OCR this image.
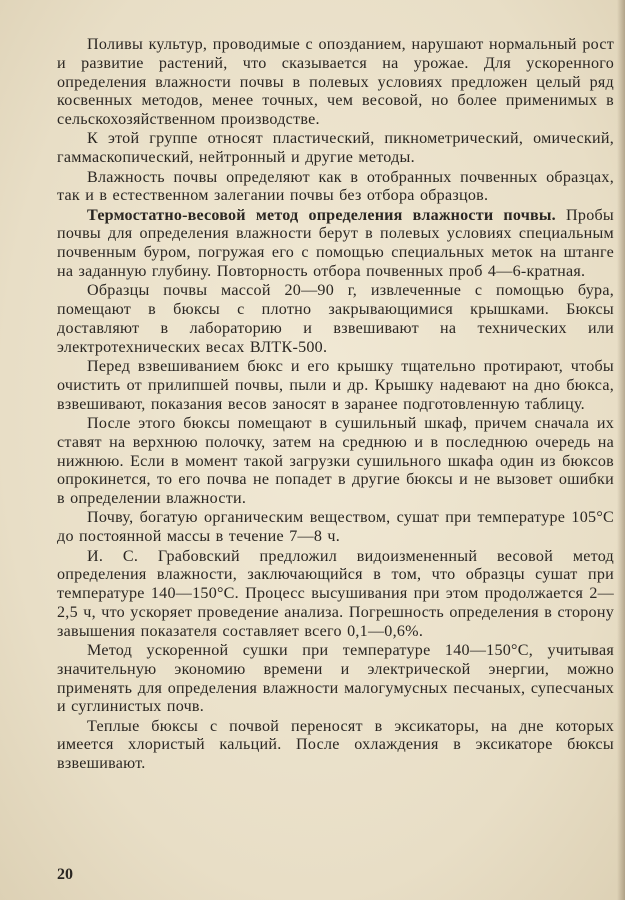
Поливы культур, проводимые с опозданием, нарушают нормальный рост и развитие растений, что сказывается на урожае. Для ускоренного определения влажности почвы в полевых условиях предложен целый ряд косвенных методов, менее точных, чем весовой, но более применимых в сельскохозяйственном производстве.

К этой группе относят пластический, пикнометрический, омический, гаммаскопический, нейтронный и другие методы.

Влажность почвы определяют как в отобранных почвенных образцах, так и в естественном залегании почвы без отбора образцов.

Термостатно-весовой метод определения влажности почвы. Пробы почвы для определения влажности берут в полевых условиях специальным почвенным буром, погружая его с помощью специальных меток на штанге на заданную глубину. Повторность отбора почвенных проб 4—6-кратная.

Образцы почвы массой 20—90 г, извлеченные с помощью бура, помещают в бюксы с плотно закрывающимися крышками. Бюксы доставляют в лабораторию и взвешивают на технических или электротехнических весах ВЛТК-500.

Перед взвешиванием бюкс и его крышку тщательно протирают, чтобы очистить от прилипшей почвы, пыли и др. Крышку надевают на дно бюкса, взвешивают, показания весов заносят в заранее подготовленную таблицу.

После этого бюксы помещают в сушильный шкаф, причем сначала их ставят на верхнюю полочку, затем на среднюю и в последнюю очередь на нижнюю. Если в момент такой загрузки сушильного шкафа один из бюксов опрокинется, то его почва не попадет в другие бюксы и не вызовет ошибки в определении влажности.

Почву, богатую органическим веществом, сушат при температуре 105°С до постоянной массы в течение 7—8 ч.

И. С. Грабовский предложил видоизмененный весовой метод определения влажности, заключающийся в том, что образцы сушат при температуре 140—150°С. Процесс высушивания при этом продолжается 2—2,5 ч, что ускоряет проведение анализа. Погрешность определения в сторону завышения показателя составляет всего 0,1—0,6%.

Метод ускоренной сушки при температуре 140—150°С, учитывая значительную экономию времени и электрической энергии, можно применять для определения влажности малогумусных песчаных, супесчаных и суглинистых почв.

Теплые бюксы с почвой переносят в эксикаторы, на дне которых имеется хлористый кальций. После охлаждения в эксикаторе бюксы взвешивают.

20
